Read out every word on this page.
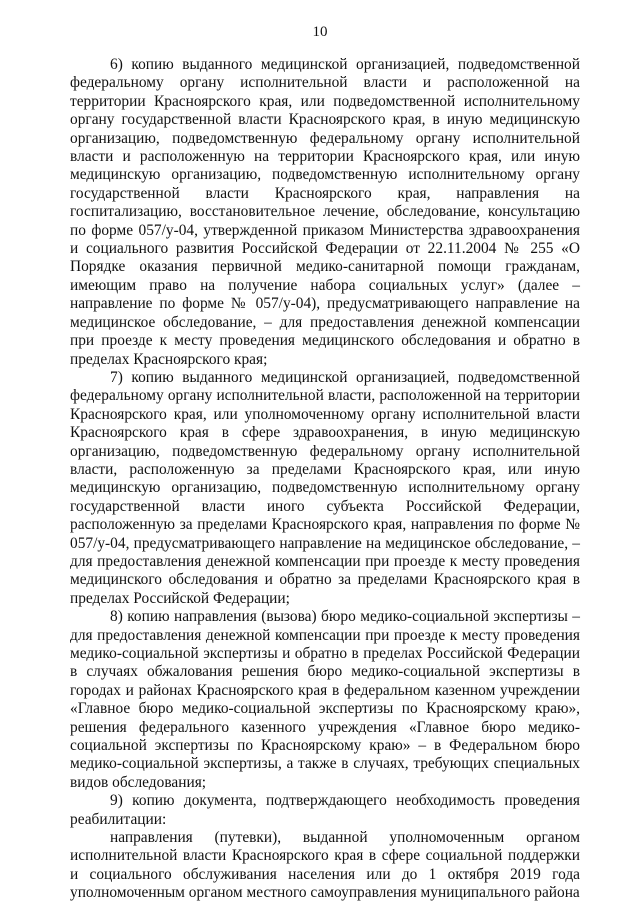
10

6) копию выданного медицинской организацией, подведомственной федеральному органу исполнительной власти и расположенной на территории Красноярского края, или подведомственной исполнительному органу государственной власти Красноярского края, в иную медицинскую организацию, подведомственную федеральному органу исполнительной власти и расположенную на территории Красноярского края, или иную медицинскую организацию, подведомственную исполнительному органу государственной власти Красноярского края, направления на госпитализацию, восстановительное лечение, обследование, консультацию по форме 057/у-04, утвержденной приказом Министерства здравоохранения и социального развития Российской Федерации от 22.11.2004 № 255 «О Порядке оказания первичной медико-санитарной помощи гражданам, имеющим право на получение набора социальных услуг» (далее – направление по форме № 057/у-04), предусматривающего направление на медицинское обследование, – для предоставления денежной компенсации при проезде к месту проведения медицинского обследования и обратно в пределах Красноярского края;

7) копию выданного медицинской организацией, подведомственной федеральному органу исполнительной власти, расположенной на территории Красноярского края, или уполномоченному органу исполнительной власти Красноярского края в сфере здравоохранения, в иную медицинскую организацию, подведомственную федеральному органу исполнительной власти, расположенную за пределами Красноярского края, или иную медицинскую организацию, подведомственную исполнительному органу государственной власти иного субъекта Российской Федерации, расположенную за пределами Красноярского края, направления по форме № 057/у-04, предусматривающего направление на медицинское обследование, – для предоставления денежной компенсации при проезде к месту проведения медицинского обследования и обратно за пределами Красноярского края в пределах Российской Федерации;

8) копию направления (вызова) бюро медико-социальной экспертизы – для предоставления денежной компенсации при проезде к месту проведения медико-социальной экспертизы и обратно в пределах Российской Федерации в случаях обжалования решения бюро медико-социальной экспертизы в городах и районах Красноярского края в федеральном казенном учреждении «Главное бюро медико-социальной экспертизы по Красноярскому краю», решения федерального казенного учреждения «Главное бюро медико-социальной экспертизы по Красноярскому краю» – в Федеральном бюро медико-социальной экспертизы, а также в случаях, требующих специальных видов обследования;

9) копию документа, подтверждающего необходимость проведения реабилитации:

направления (путевки), выданной уполномоченным органом исполнительной власти Красноярского края в сфере социальной поддержки и социального обслуживания населения или до 1 октября 2019 года уполномоченным органом местного самоуправления муниципального района
